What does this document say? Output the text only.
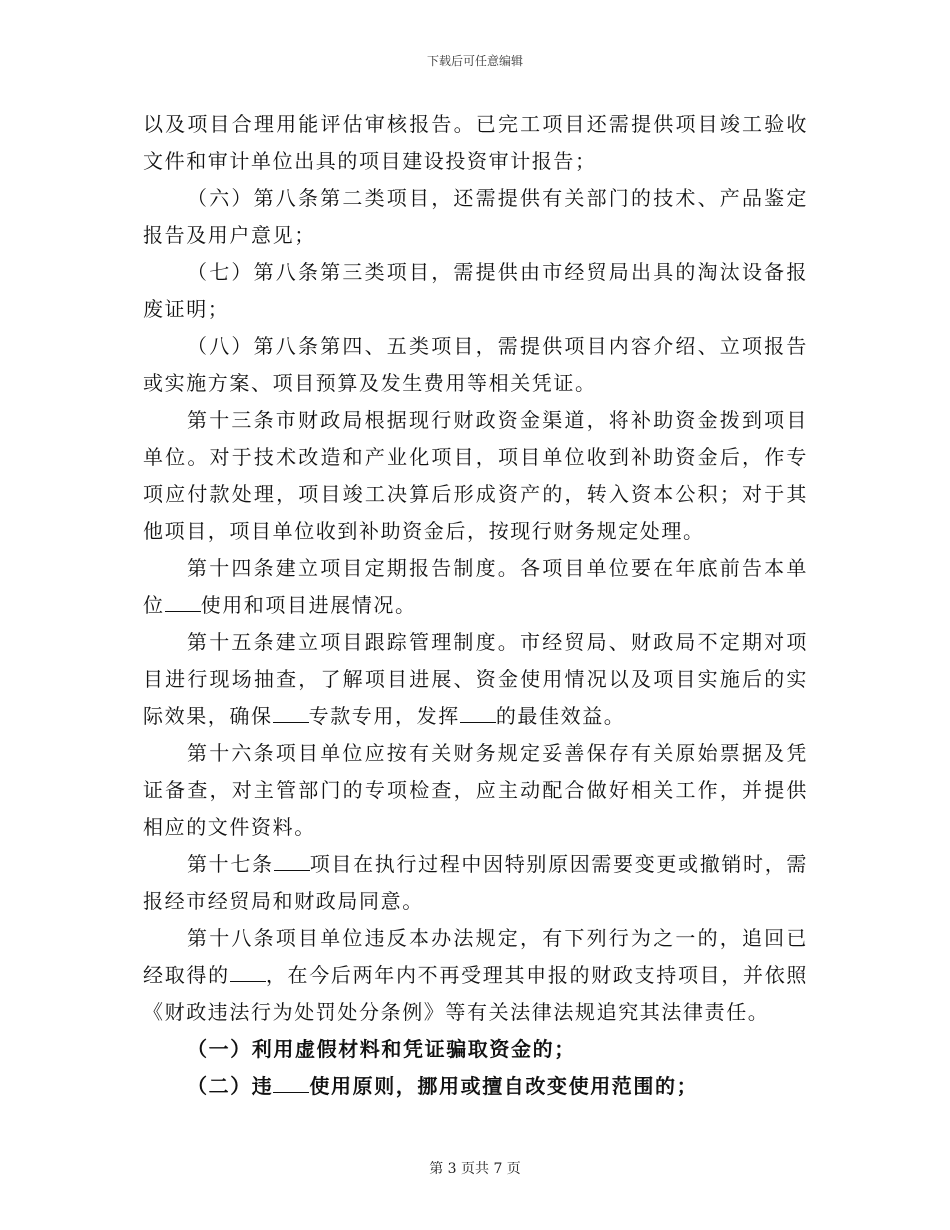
下载后可任意编辑

以及项目合理用能评估审核报告。已完工项目还需提供项目竣工验收文件和审计单位出具的项目建设投资审计报告；

（六）第八条第二类项目，还需提供有关部门的技术、产品鉴定报告及用户意见；

（七）第八条第三类项目，需提供由市经贸局出具的淘汰设备报废证明；

（八）第八条第四、五类项目，需提供项目内容介绍、立项报告或实施方案、项目预算及发生费用等相关凭证。

第十三条市财政局根据现行财政资金渠道，将补助资金拨到项目单位。对于技术改造和产业化项目，项目单位收到补助资金后，作专项应付款处理，项目竣工决算后形成资产的，转入资本公积；对于其他项目，项目单位收到补助资金后，按现行财务规定处理。

第十四条建立项目定期报告制度。各项目单位要在年底前告本单位 使用和项目进展情况。

第十五条建立项目跟踪管理制度。市经贸局、财政局不定期对项目进行现场抽查，了解项目进展、资金使用情况以及项目实施后的实际效果，确保 专款专用，发挥 的最佳效益。

第十六条项目单位应按有关财务规定妥善保存有关原始票据及凭证备查，对主管部门的专项检查，应主动配合做好相关工作，并提供相应的文件资料。

第十七条 项目在执行过程中因特别原因需要变更或撤销时，需报经市经贸局和财政局同意。

第十八条项目单位违反本办法规定，有下列行为之一的，追回已经取得的 ，在今后两年内不再受理其申报的财政支持项目，并依照《财政违法行为处罚处分条例》等有关法律法规追究其法律责任。

（一）利用虚假材料和凭证骗取资金的；

（二）违 使用原则，挪用或擅自改变使用范围的；

第 3 页共 7 页
